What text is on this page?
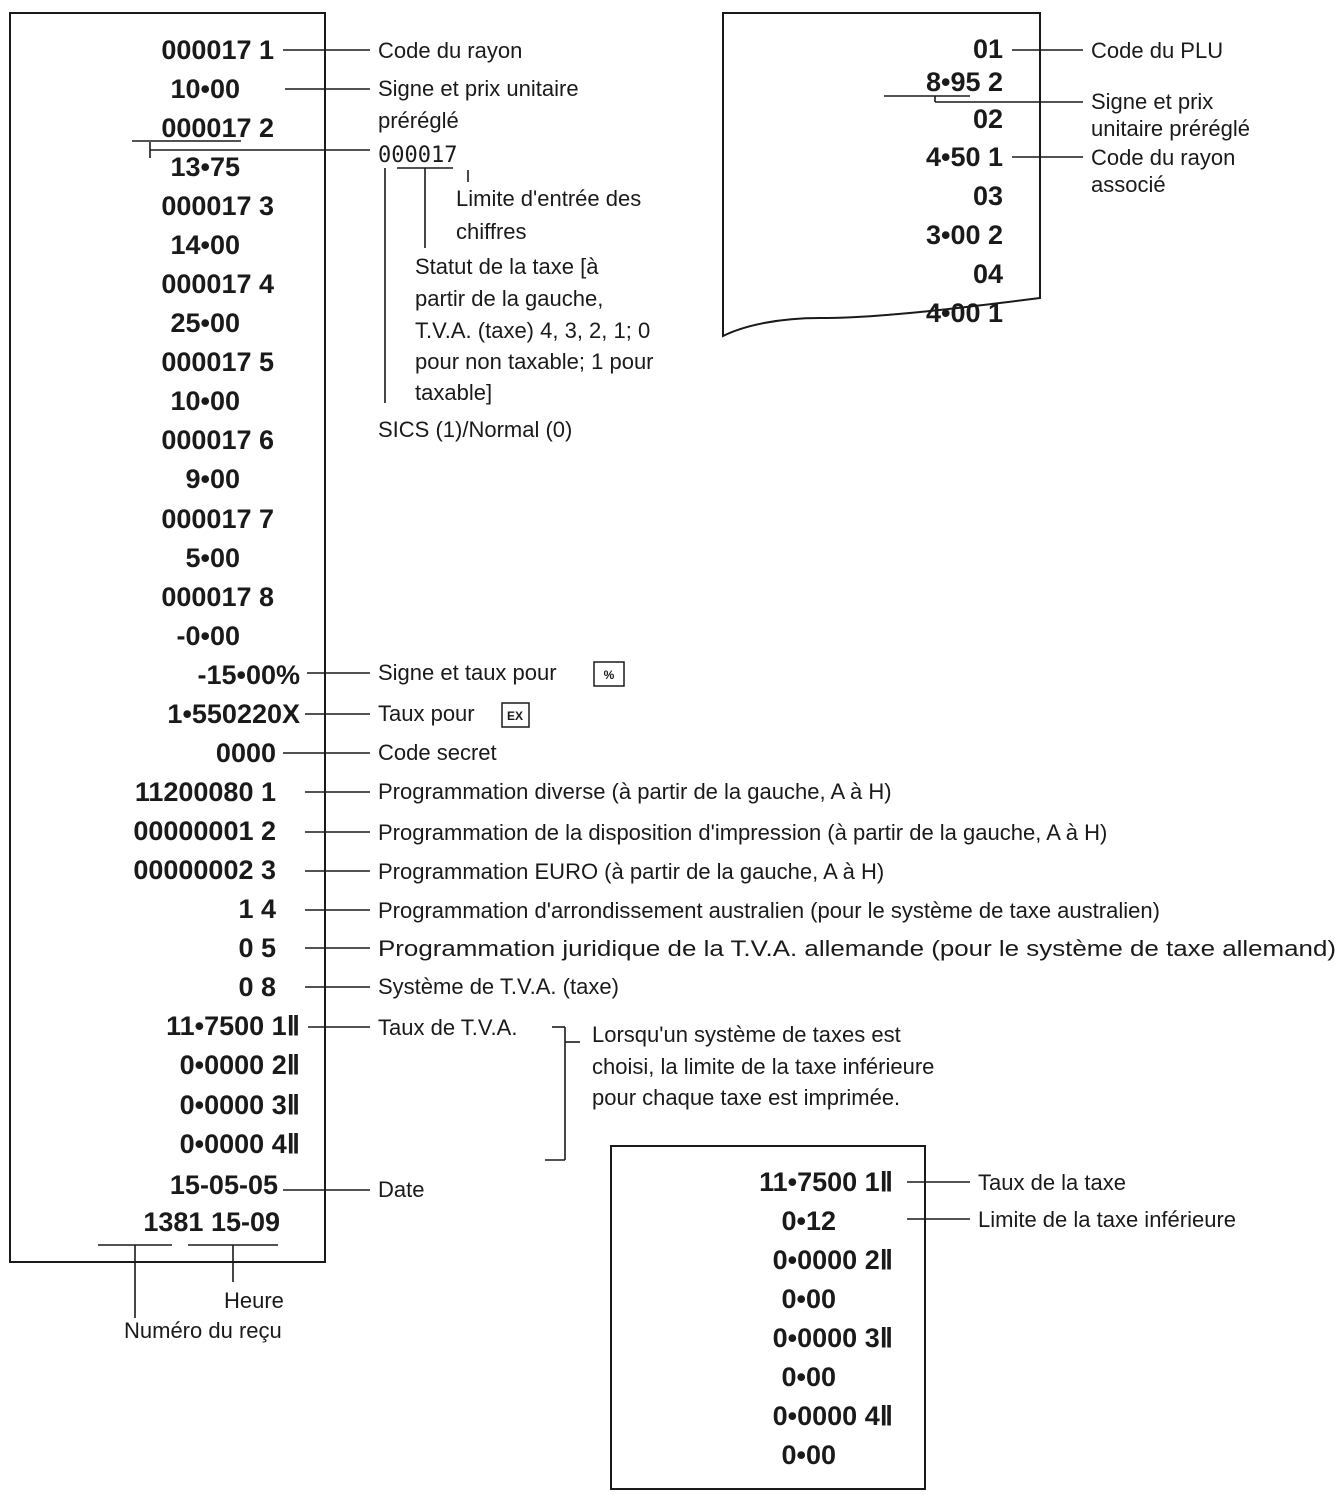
000017 1
10•00
000017 2
13•75
000017 3
14•00
000017 4
25•00
000017 5
10•00
000017 6
9•00
000017 7
5•00
000017 8
-0•00
-15•00%
1•550220X
0000
11200080 1
00000001 2
00000002 3
1 4
0 5
0 8
11•7500 1Ⅱ
0•0000 2Ⅱ
0•0000 3Ⅱ
0•0000 4Ⅱ
15-05-05
1381 15-09
Code du rayon
Signe et prix unitaire
préréglé
000017
Limite d'entrée des
chiffres
Statut de la taxe [à
partir de la gauche,
T.V.A. (taxe) 4, 3, 2, 1; 0
pour non taxable; 1 pour
taxable]
SICS (1)/Normal (0)
Signe et taux pour	%
Taux pour	EX
Code secret
Programmation diverse (à partir de la gauche, A à H)
Programmation de la disposition d'impression (à partir de la gauche, A à H)
Programmation EURO (à partir de la gauche, A à H)
Programmation d'arrondissement australien (pour le système de taxe australien)
Programmation juridique de la T.V.A. allemande (pour le système de taxe allemand)
Système de T.V.A. (taxe)
Taux de T.V.A.	Lorsqu'un système de taxes est
choisi, la limite de la taxe inférieure
pour chaque taxe est imprimée.
Date
Heure
Numéro du reçu
01
8•95 2
02
4•50 1
03
3•00 2
04
4•00 1
Code du PLU
Signe et prix
unitaire préréglé
Code du rayon
associé
11•7500 1Ⅱ
0•12
0•0000 2Ⅱ
0•00
0•0000 3Ⅱ
0•00
0•0000 4Ⅱ
0•00
Taux de la taxe
Limite de la taxe inférieure
